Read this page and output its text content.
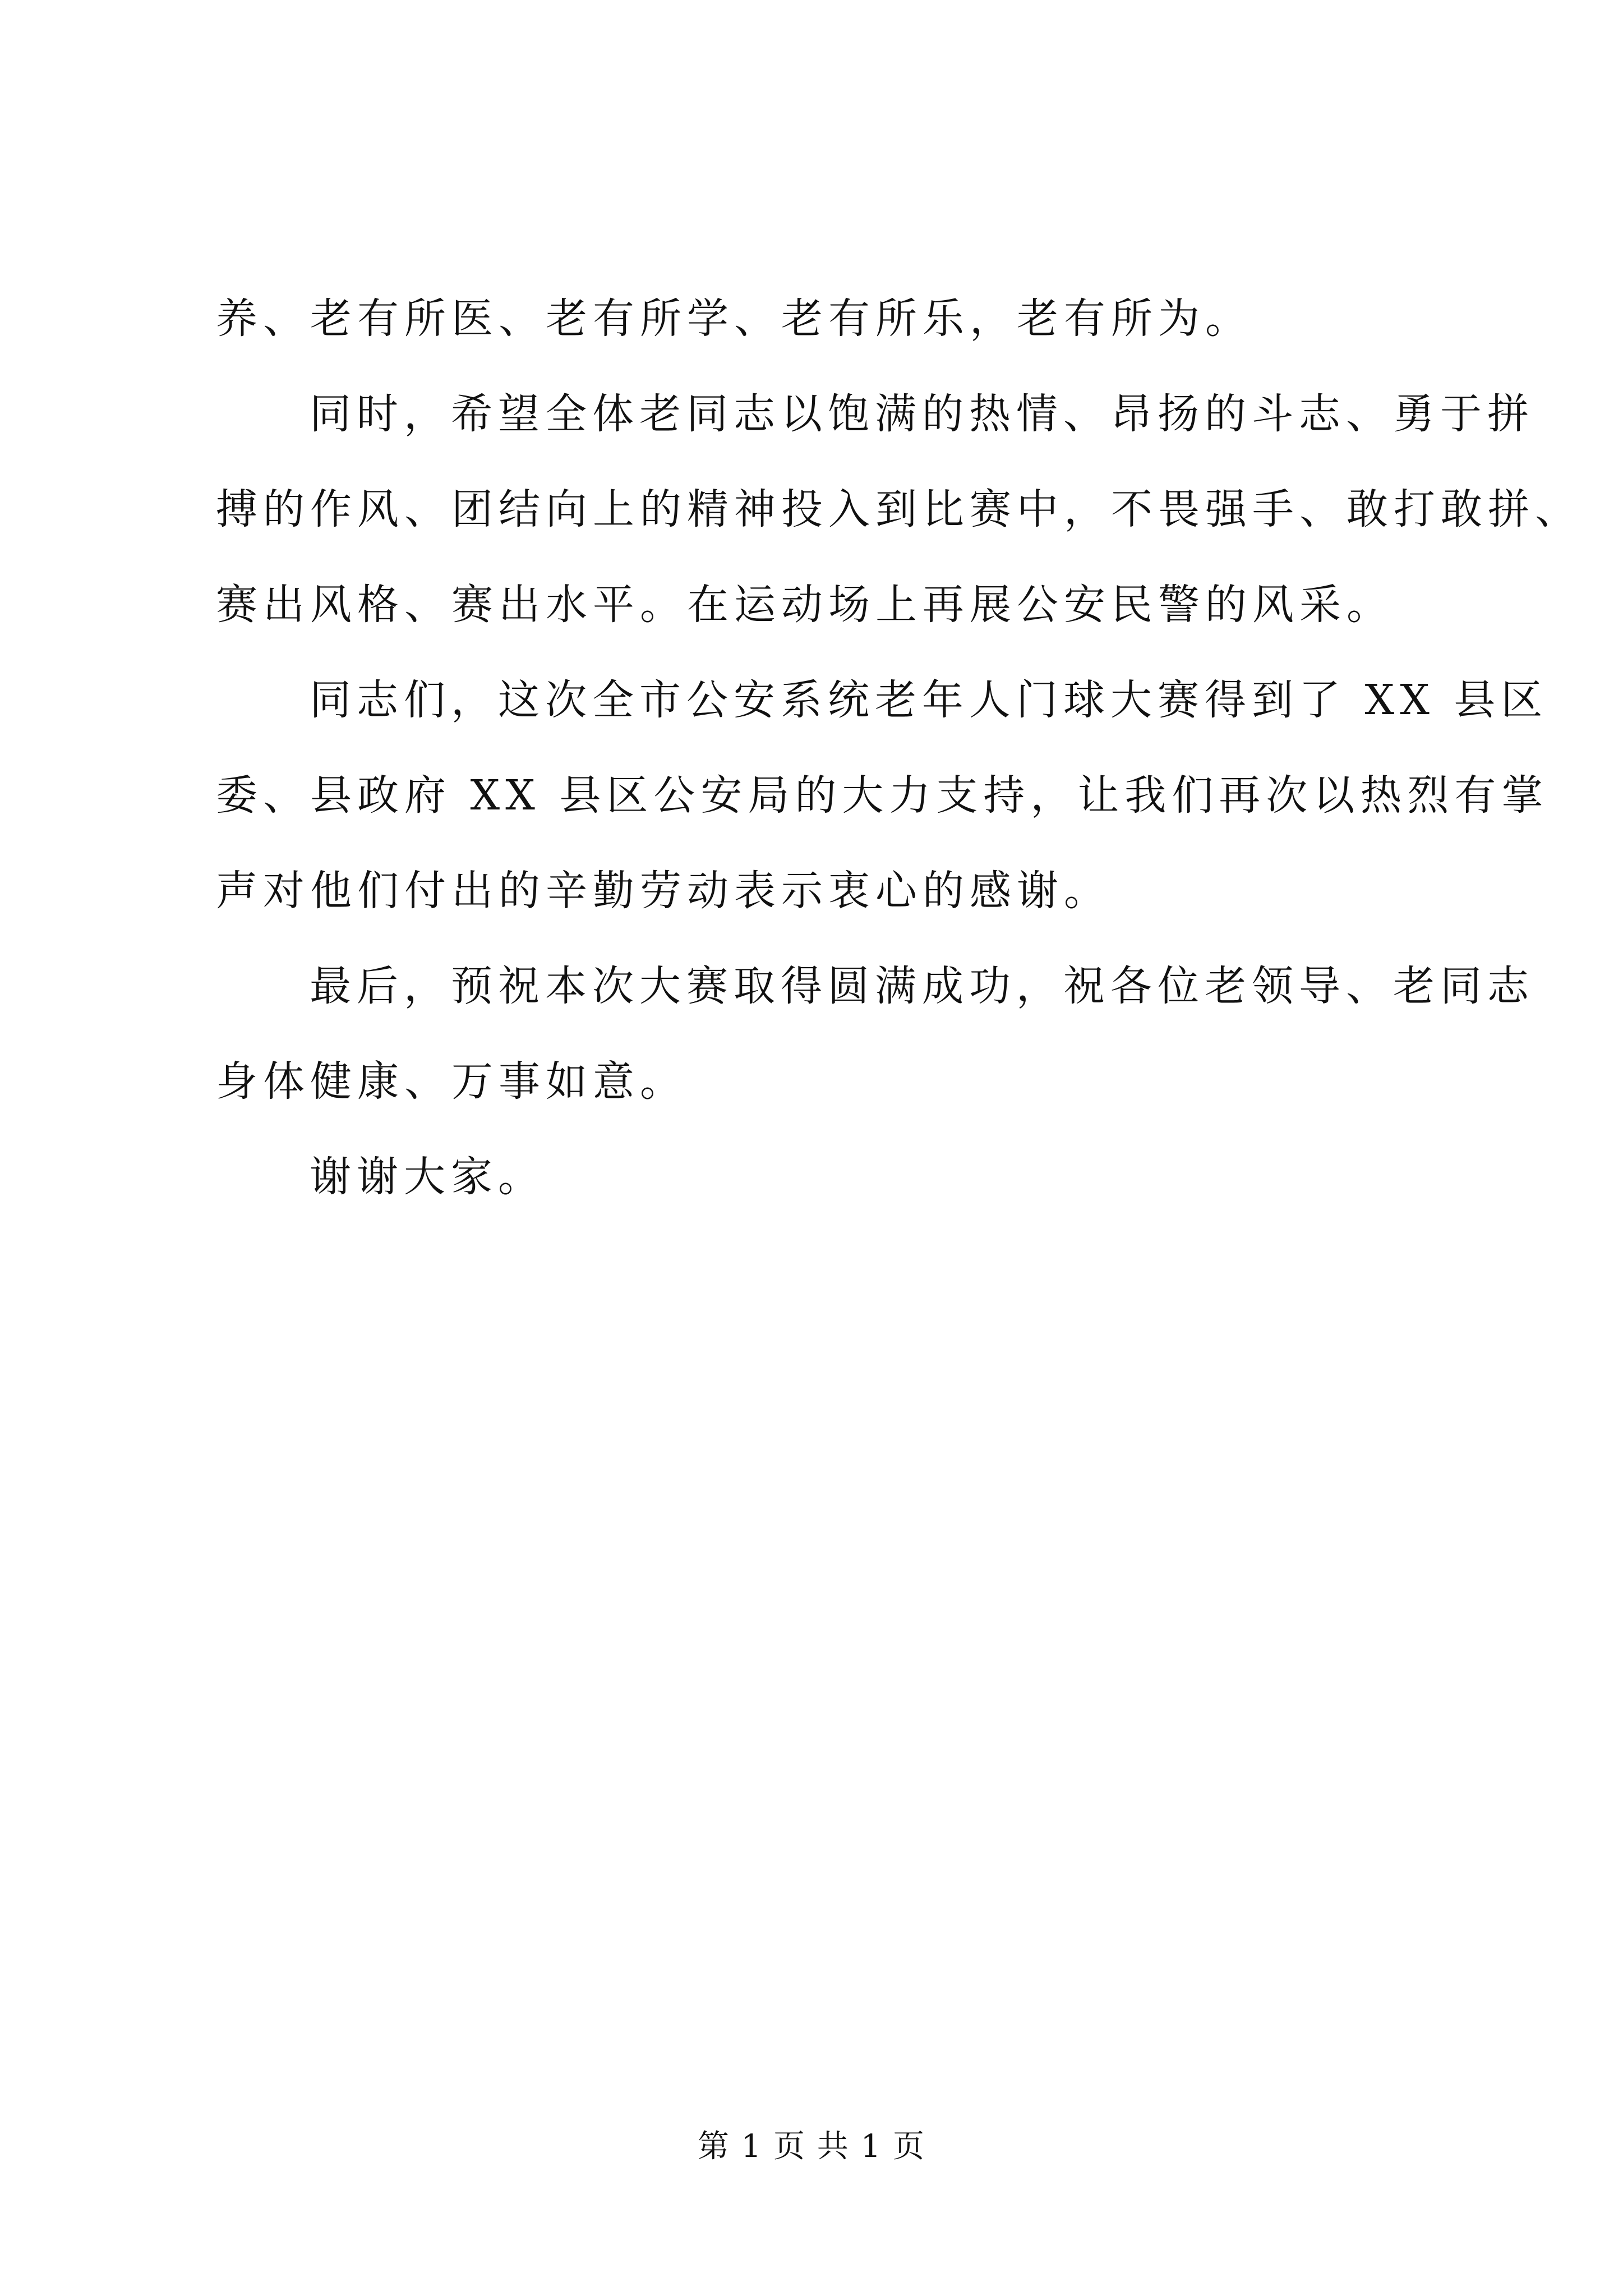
养、老有所医、老有所学、老有所乐，老有所为。
同时，希望全体老同志以饱满的热情、昂扬的斗志、勇于拼
搏的作风、团结向上的精神投入到比赛中，不畏强手、敢打敢拼、
赛出风格、赛出水平。在运动场上再展公安民警的风采。
同志们，这次全市公安系统老年人门球大赛得到了 XX 县区
委、县政府 XX 县区公安局的大力支持，让我们再次以热烈有掌
声对他们付出的辛勤劳动表示衷心的感谢。
最后，预祝本次大赛取得圆满成功，祝各位老领导、老同志
身体健康、万事如意。
谢谢大家。
第 1 页 共 1 页
